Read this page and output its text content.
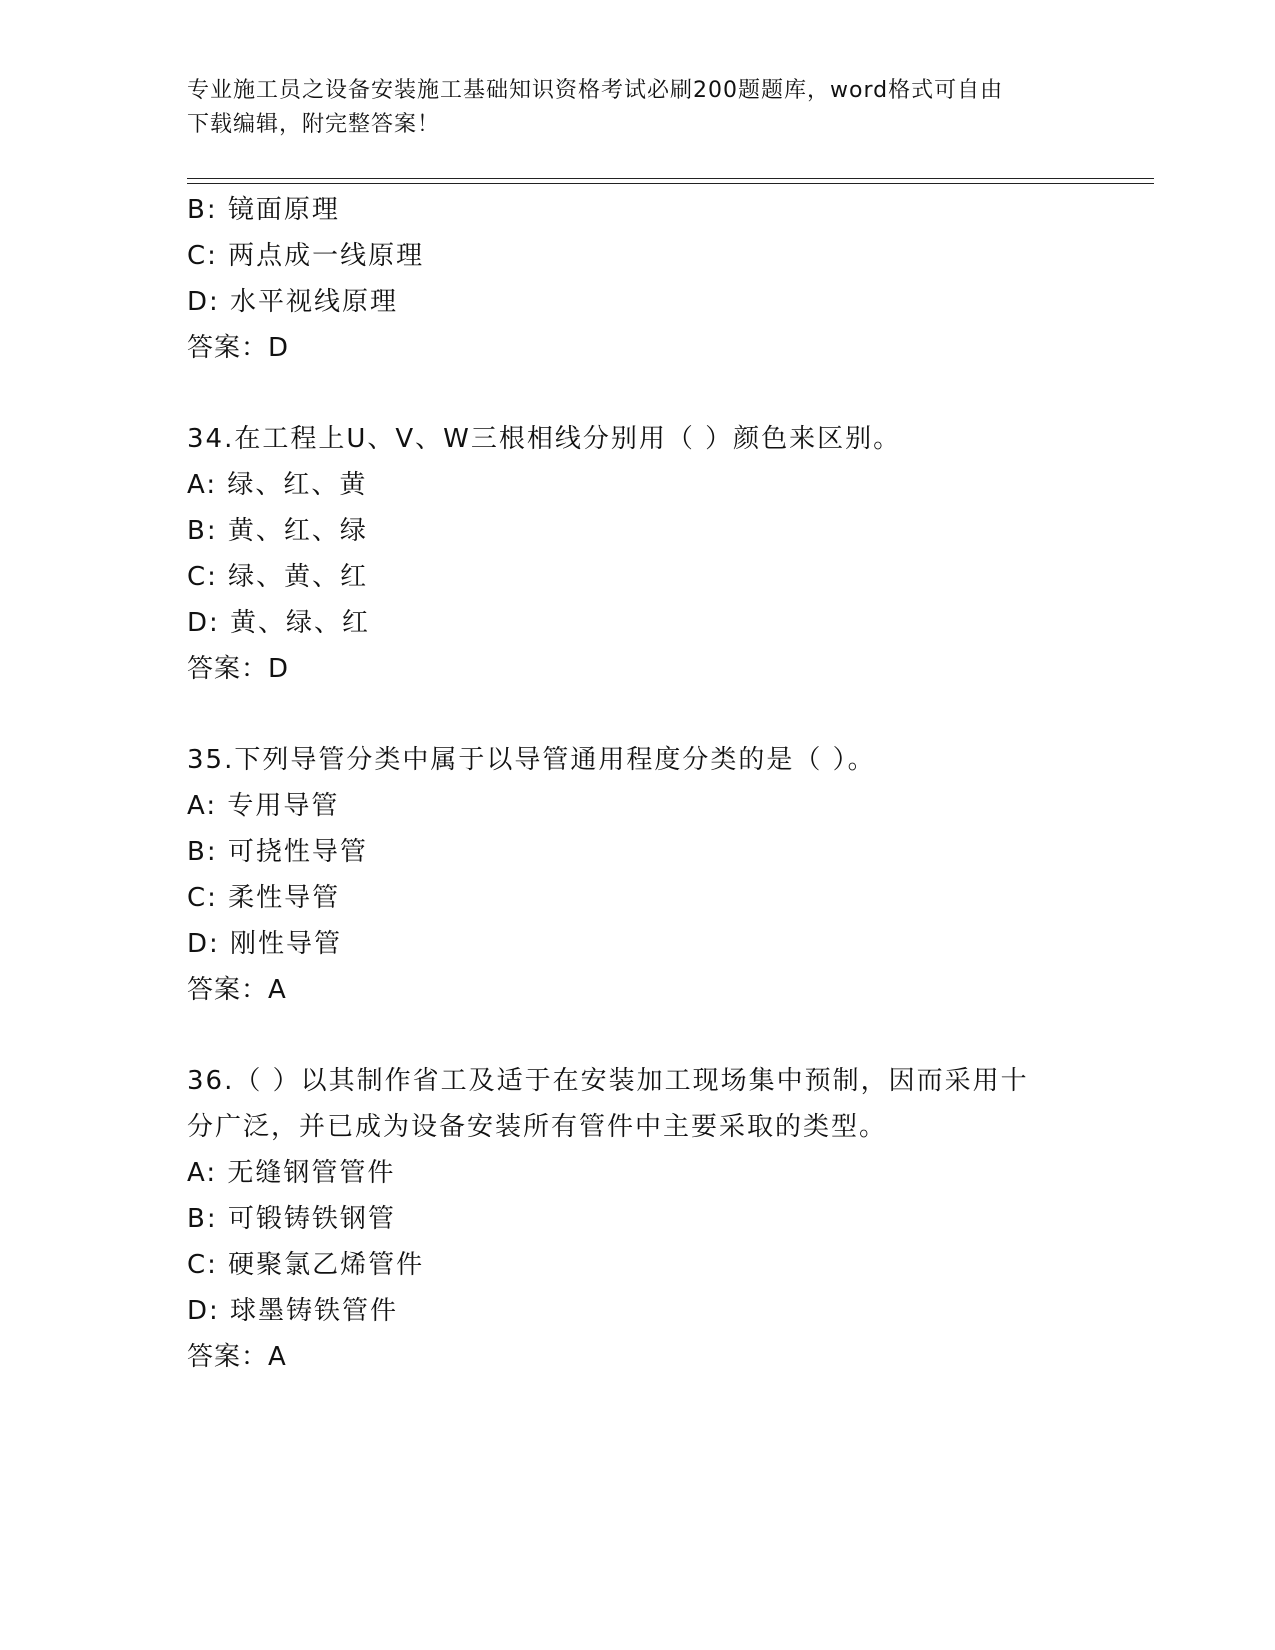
专业施工员之设备安装施工基础知识资格考试必刷200题题库，word格式可自由
下载编辑，附完整答案！
B: 镜面原理
C: 两点成一线原理
D: 水平视线原理
答案：D
34.在工程上U、V、W三根相线分别用（ ）颜色来区别。
A: 绿、红、黄
B: 黄、红、绿
C: 绿、黄、红
D: 黄、绿、红
答案：D
35.下列导管分类中属于以导管通用程度分类的是（ ）。
A: 专用导管
B: 可挠性导管
C: 柔性导管
D: 刚性导管
答案：A
36.（ ）以其制作省工及适于在安装加工现场集中预制，因而采用十
分广泛，并已成为设备安装所有管件中主要采取的类型。
A: 无缝钢管管件
B: 可锻铸铁钢管
C: 硬聚氯乙烯管件
D: 球墨铸铁管件
答案：A
